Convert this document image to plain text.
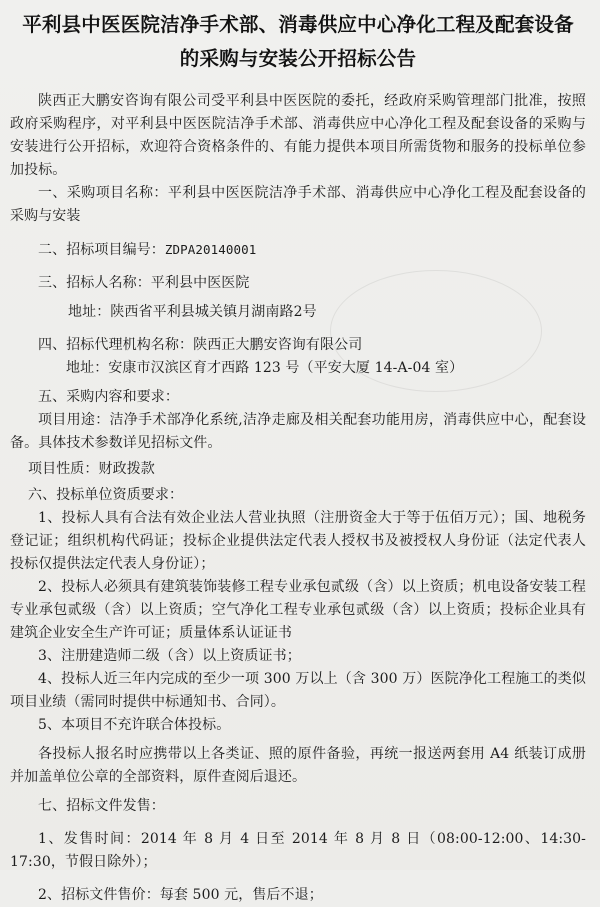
平利县中医医院洁净手术部、消毒供应中心净化工程及配套设备
的采购与安装公开招标公告

陕西正大鹏安咨询有限公司受平利县中医医院的委托，经政府采购管理部门批准，按照政府采购程序，对平利县中医医院洁净手术部、消毒供应中心净化工程及配套设备的采购与安装进行公开招标，欢迎符合资格条件的、有能力提供本项目所需货物和服务的投标单位参加投标。

一、采购项目名称：平利县中医医院洁净手术部、消毒供应中心净化工程及配套设备的采购与安装

二、招标项目编号：ZDPA20140001

三、招标人名称：平利县中医医院

地址：陕西省平利县城关镇月湖南路2号

四、招标代理机构名称：陕西正大鹏安咨询有限公司

地址：安康市汉滨区育才西路 123 号（平安大厦 14-A-04 室）

五、采购内容和要求：

项目用途：洁净手术部净化系统,洁净走廊及相关配套功能用房，消毒供应中心，配套设备。具体技术参数详见招标文件。

项目性质：财政拨款

六、投标单位资质要求：

1、投标人具有合法有效企业法人营业执照（注册资金大于等于伍佰万元）；国、地税务登记证；组织机构代码证；投标企业提供法定代表人授权书及被授权人身份证（法定代表人投标仅提供法定代表人身份证）；

2、投标人必须具有建筑装饰装修工程专业承包贰级（含）以上资质；机电设备安装工程专业承包贰级（含）以上资质；空气净化工程专业承包贰级（含）以上资质；投标企业具有建筑企业安全生产许可证；质量体系认证证书

3、注册建造师二级（含）以上资质证书；

4、投标人近三年内完成的至少一项 300 万以上（含 300 万）医院净化工程施工的类似项目业绩（需同时提供中标通知书、合同）。

5、本项目不充许联合体投标。

各投标人报名时应携带以上各类证、照的原件备验，再统一报送两套用 A4 纸装订成册并加盖单位公章的全部资料，原件查阅后退还。

七、招标文件发售：

1、发售时间：2014 年 8 月 4 日至 2014 年 8 月 8 日（08:00-12:00、14:30-17:30，节假日除外）；

2、招标文件售价：每套 500 元，售后不退；
